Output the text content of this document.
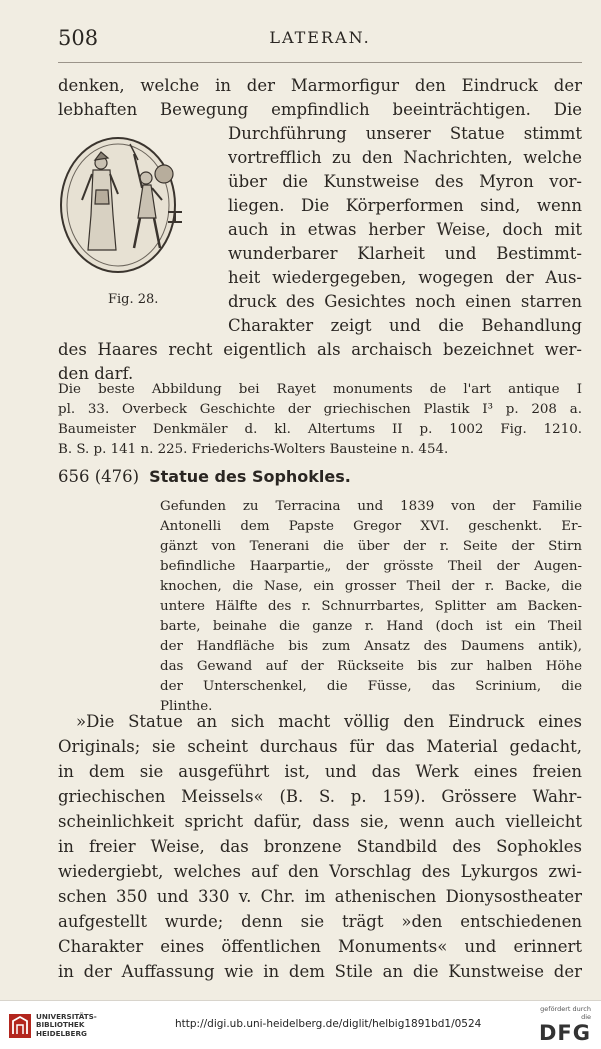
508	LATERAN.
denken, welche in der Marmorfigur den Eindruck der
lebhaften Bewegung empfindlich beeinträchtigen. Die
Durchführung unserer Statue stimmt
vortrefflich zu den Nachrichten, welche
über die Kunstweise des Myron vor-
liegen. Die Körperformen sind, wenn
auch in etwas herber Weise, doch mit
wunderbarer Klarheit und Bestimmt-
heit wiedergegeben, wogegen der Aus-
druck des Gesichtes noch einen starren
Charakter zeigt und die Behandlung
des Haares recht eigentlich als archaisch bezeichnet wer-
den darf.
Fig. 28.
Die beste Abbildung bei Rayet monuments de l'art antique I
pl. 33. Overbeck Geschichte der griechischen Plastik I³ p. 208 a.
Baumeister Denkmäler d. kl. Altertums II p. 1002 Fig. 1210.
B. S. p. 141 n. 225. Friederichs-Wolters Bausteine n. 454.
656 (476) Statue des Sophokles.
Gefunden zu Terracina und 1839 von der Familie
Antonelli dem Papste Gregor XVI. geschenkt. Er-
gänzt von Tenerani die über der r. Seite der Stirn
befindliche Haarpartie„ der grösste Theil der Augen-
knochen, die Nase, ein grosser Theil der r. Backe, die
untere Hälfte des r. Schnurrbartes, Splitter am Backen-
barte, beinahe die ganze r. Hand (doch ist ein Theil
der Handfläche bis zum Ansatz des Daumens antik),
das Gewand auf der Rückseite bis zur halben Höhe
der Unterschenkel, die Füsse, das Scrinium, die
Plinthe.
»Die Statue an sich macht völlig den Eindruck eines
Originals; sie scheint durchaus für das Material gedacht,
in dem sie ausgeführt ist, und das Werk eines freien
griechischen Meissels« (B. S. p. 159). Grössere Wahr-
scheinlichkeit spricht dafür, dass sie, wenn auch vielleicht
in freier Weise, das bronzene Standbild des Sophokles
wiedergiebt, welches auf den Vorschlag des Lykurgos zwi-
schen 350 und 330 v. Chr. im athenischen Dionysostheater
aufgestellt wurde; denn sie trägt »den entschiedenen
Charakter eines öffentlichen Monuments« und erinnert
in der Auffassung wie in dem Stile an die Kunstweise der
UNIVERSITÄTS-
BIBLIOTHEK
HEIDELBERG
http://digi.ub.uni-heidelberg.de/diglit/helbig1891bd1/0524
gefördert durch die
DFG
